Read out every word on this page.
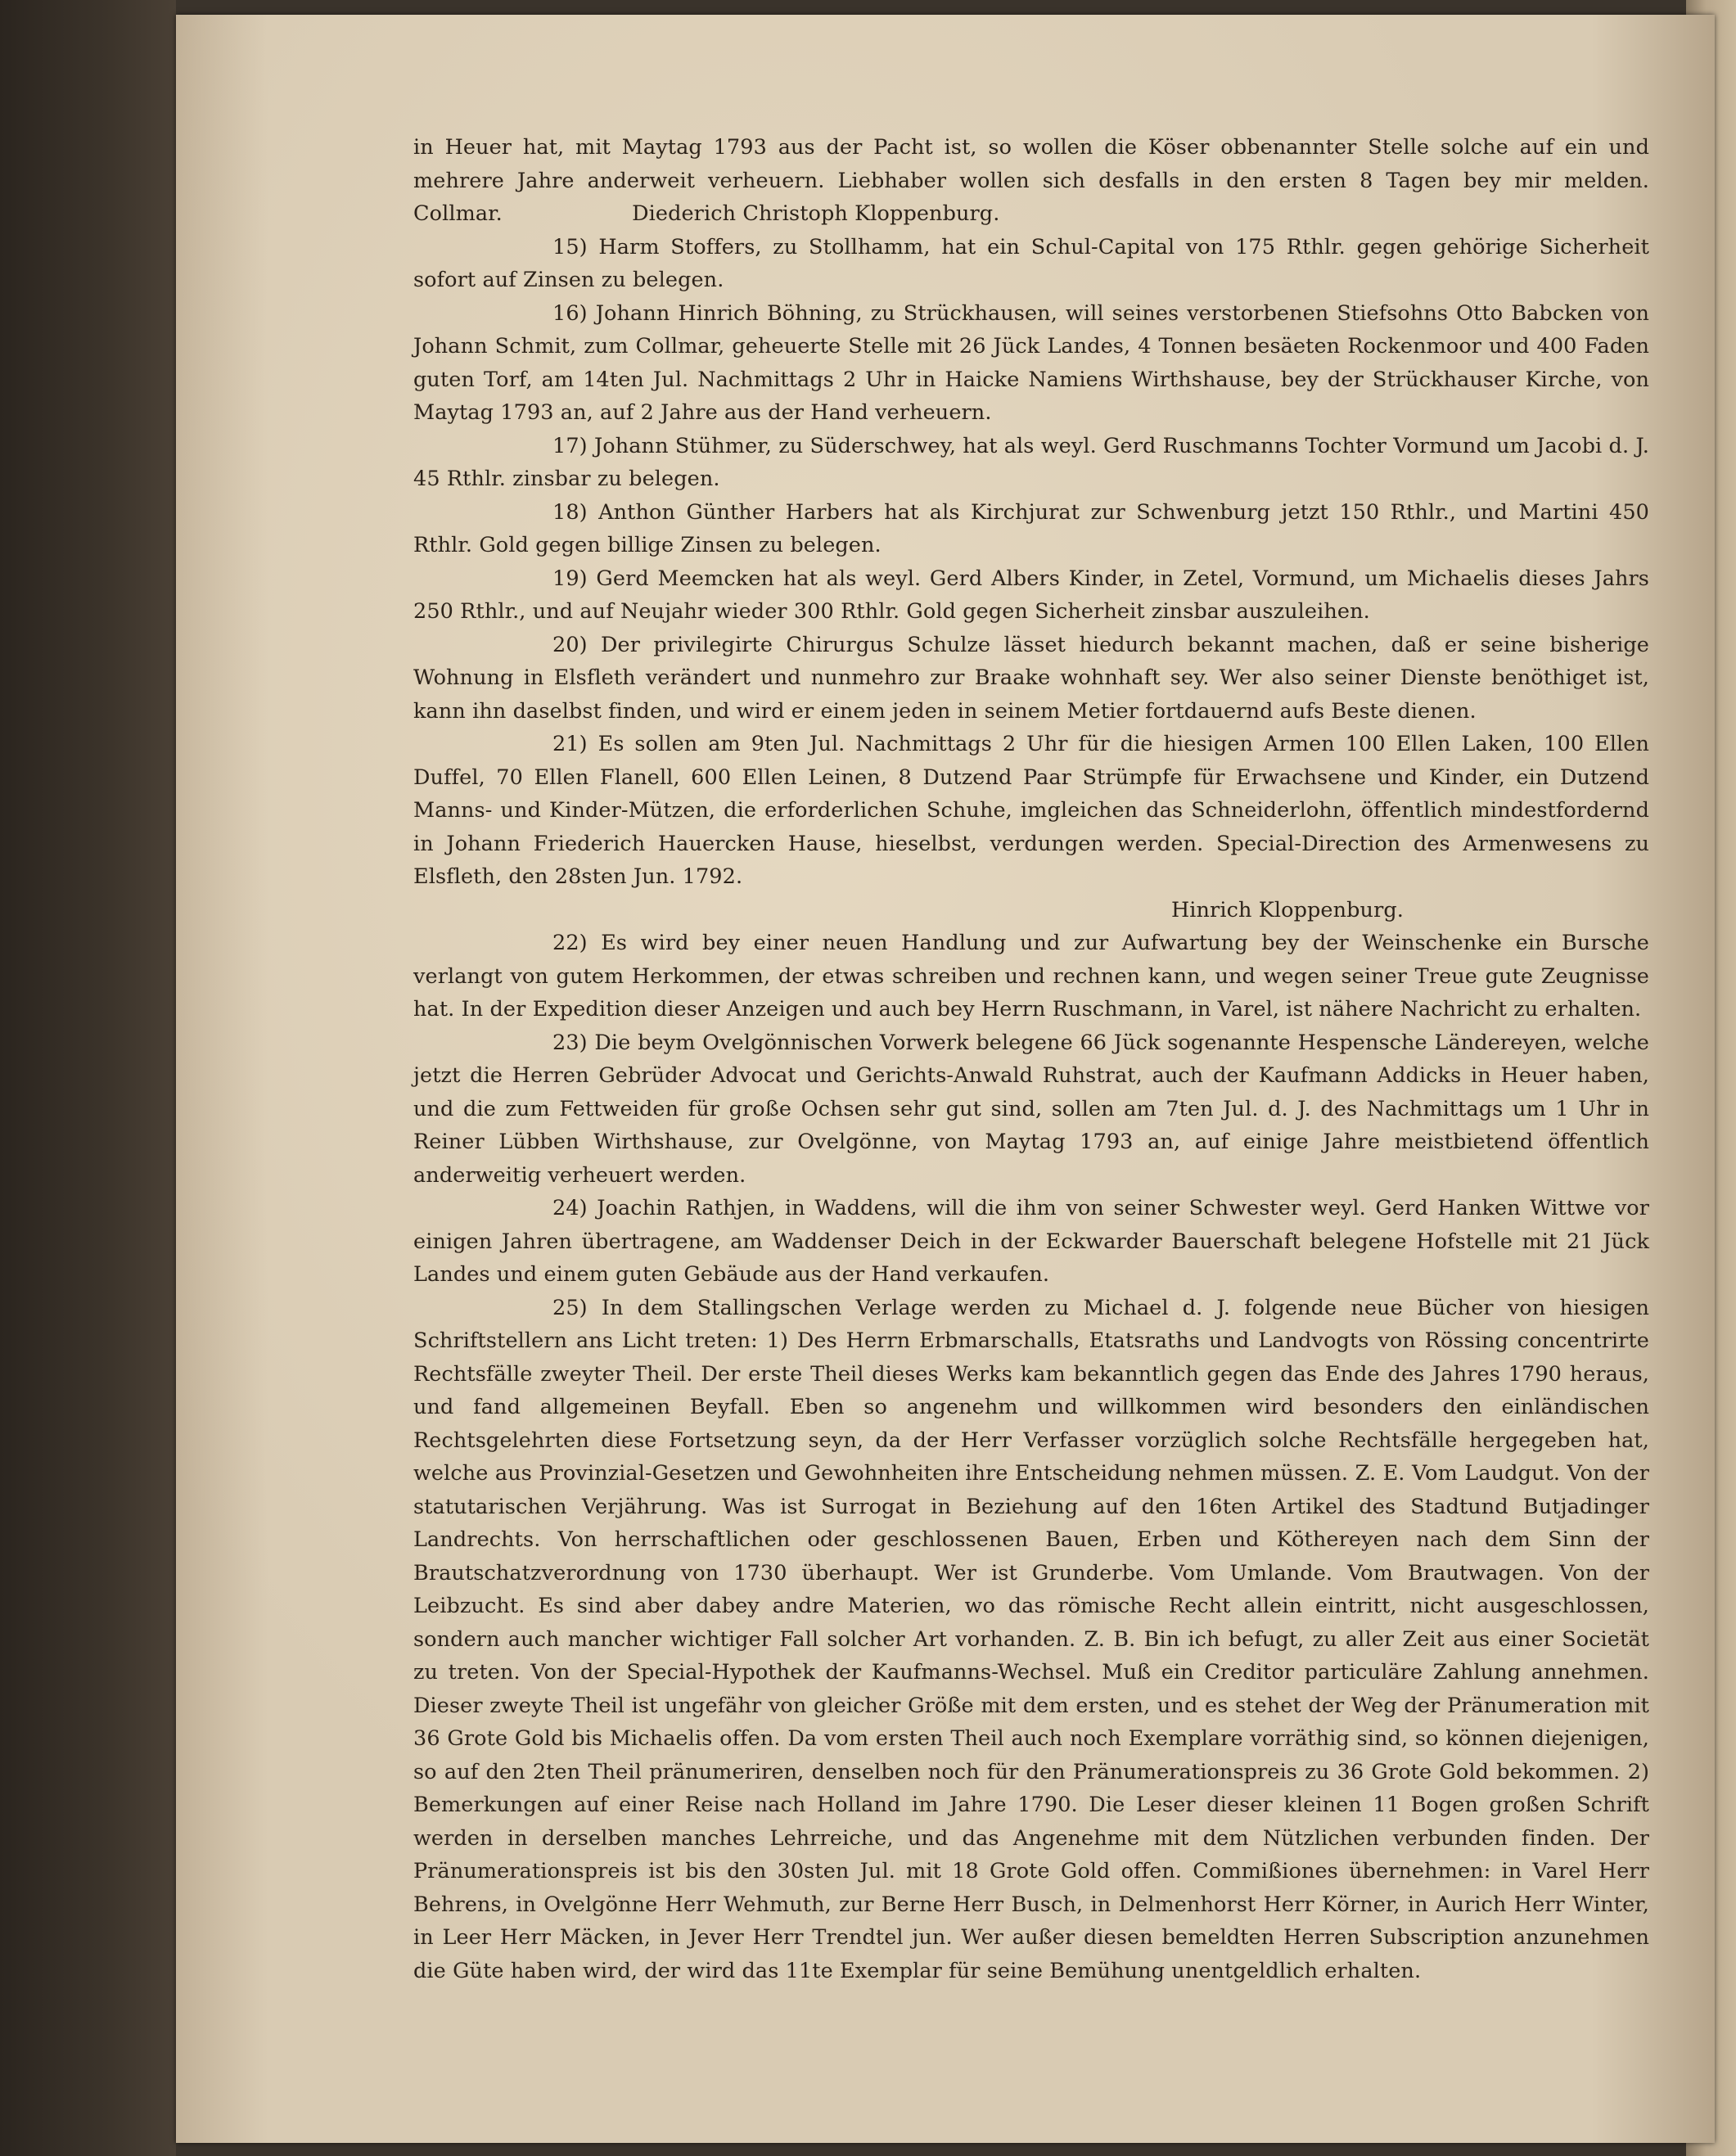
in Heuer hat, mit Maytag 1793 aus der Pacht ist, so wollen die Köser obbenannter Stelle solche auf ein und mehrere Jahre anderweit verheuern. Liebhaber wollen sich desfalls in den ersten 8 Tagen bey mir melden. Collmar.	Diederich Christoph Kloppenburg.

15) Harm Stoffers, zu Stollhamm, hat ein Schul-Capital von 175 Rthlr. gegen gehörige Sicherheit sofort auf Zinsen zu belegen.

16) Johann Hinrich Böhning, zu Strückhausen, will seines verstorbenen Stiefsohns Otto Babcken von Johann Schmit, zum Collmar, geheuerte Stelle mit 26 Jück Landes, 4 Tonnen besäeten Rockenmoor und 400 Faden guten Torf, am 14ten Jul. Nachmittags 2 Uhr in Haicke Namiens Wirthshause, bey der Strückhauser Kirche, von Maytag 1793 an, auf 2 Jahre aus der Hand verheuern.

17) Johann Stühmer, zu Süderschwey, hat als weyl. Gerd Ruschmanns Tochter Vormund um Jacobi d. J. 45 Rthlr. zinsbar zu belegen.

18) Anthon Günther Harbers hat als Kirchjurat zur Schwenburg jetzt 150 Rthlr., und Martini 450 Rthlr. Gold gegen billige Zinsen zu belegen.

19) Gerd Meemcken hat als weyl. Gerd Albers Kinder, in Zetel, Vormund, um Michaelis dieses Jahrs 250 Rthlr., und auf Neujahr wieder 300 Rthlr. Gold gegen Sicherheit zinsbar auszuleihen.

20) Der privilegirte Chirurgus Schulze lässet hiedurch bekannt machen, daß er seine bisherige Wohnung in Elsfleth verändert und nunmehro zur Braake wohnhaft sey. Wer also seiner Dienste benöthiget ist, kann ihn daselbst finden, und wird er einem jeden in seinem Metier fortdauernd aufs Beste dienen.

21) Es sollen am 9ten Jul. Nachmittags 2 Uhr für die hiesigen Armen 100 Ellen Laken, 100 Ellen Duffel, 70 Ellen Flanell, 600 Ellen Leinen, 8 Dutzend Paar Strümpfe für Erwachsene und Kinder, ein Dutzend Manns- und Kinder-Mützen, die erforderlichen Schuhe, imgleichen das Schneiderlohn, öffentlich mindestfordernd in Johann Friederich Hauercken Hause, hieselbst, verdungen werden. Special-Direction des Armenwesens zu Elsfleth, den 28sten Jun. 1792.

Hinrich Kloppenburg.

22) Es wird bey einer neuen Handlung und zur Aufwartung bey der Weinschenke ein Bursche verlangt von gutem Herkommen, der etwas schreiben und rechnen kann, und wegen seiner Treue gute Zeugnisse hat. In der Expedition dieser Anzeigen und auch bey Herrn Ruschmann, in Varel, ist nähere Nachricht zu erhalten.

23) Die beym Ovelgönnischen Vorwerk belegene 66 Jück sogenannte Hespensche Ländereyen, welche jetzt die Herren Gebrüder Advocat und Gerichts-Anwald Ruhstrat, auch der Kaufmann Addicks in Heuer haben, und die zum Fettweiden für große Ochsen sehr gut sind, sollen am 7ten Jul. d. J. des Nachmittags um 1 Uhr in Reiner Lübben Wirthshause, zur Ovelgönne, von Maytag 1793 an, auf einige Jahre meistbietend öffentlich anderweitig verheuert werden.

24) Joachin Rathjen, in Waddens, will die ihm von seiner Schwester weyl. Gerd Hanken Wittwe vor einigen Jahren übertragene, am Waddenser Deich in der Eckwarder Bauerschaft belegene Hofstelle mit 21 Jück Landes und einem guten Gebäude aus der Hand verkaufen.

25) In dem Stallingschen Verlage werden zu Michael d. J. folgende neue Bücher von hiesigen Schriftstellern ans Licht treten: 1) Des Herrn Erbmarschalls, Etatsraths und Landvogts von Rössing concentrirte Rechtsfälle zweyter Theil. Der erste Theil dieses Werks kam bekanntlich gegen das Ende des Jahres 1790 heraus, und fand allgemeinen Beyfall. Eben so angenehm und willkommen wird besonders den einländischen Rechtsgelehrten diese Fortsetzung seyn, da der Herr Verfasser vorzüglich solche Rechtsfälle hergegeben hat, welche aus Provinzial-Gesetzen und Gewohnheiten ihre Entscheidung nehmen müssen. Z. E. Vom Laudgut. Von der statutarischen Verjährung. Was ist Surrogat in Beziehung auf den 16ten Artikel des Stadtund Butjadinger Landrechts. Von herrschaftlichen oder geschlossenen Bauen, Erben und Köthereyen nach dem Sinn der Brautschatzverordnung von 1730 überhaupt. Wer ist Grunderbe. Vom Umlande. Vom Brautwagen. Von der Leibzucht. Es sind aber dabey andre Materien, wo das römische Recht allein eintritt, nicht ausgeschlossen, sondern auch mancher wichtiger Fall solcher Art vorhanden. Z. B. Bin ich befugt, zu aller Zeit aus einer Societät zu treten. Von der Special-Hypothek der Kaufmanns-Wechsel. Muß ein Creditor particuläre Zahlung annehmen. Dieser zweyte Theil ist ungefähr von gleicher Größe mit dem ersten, und es stehet der Weg der Pränumeration mit 36 Grote Gold bis Michaelis offen. Da vom ersten Theil auch noch Exemplare vorräthig sind, so können diejenigen, so auf den 2ten Theil pränumeriren, denselben noch für den Pränumerationspreis zu 36 Grote Gold bekommen. 2) Bemerkungen auf einer Reise nach Holland im Jahre 1790. Die Leser dieser kleinen 11 Bogen großen Schrift werden in derselben manches Lehrreiche, und das Angenehme mit dem Nützlichen verbunden finden. Der Pränumerationspreis ist bis den 30sten Jul. mit 18 Grote Gold offen. Commißiones übernehmen: in Varel Herr Behrens, in Ovelgönne Herr Wehmuth, zur Berne Herr Busch, in Delmenhorst Herr Körner, in Aurich Herr Winter, in Leer Herr Mäcken, in Jever Herr Trendtel jun. Wer außer diesen bemeldten Herren Subscription anzunehmen die Güte haben wird, der wird das 11te Exemplar für seine Bemühung unentgeldlich erhalten.
